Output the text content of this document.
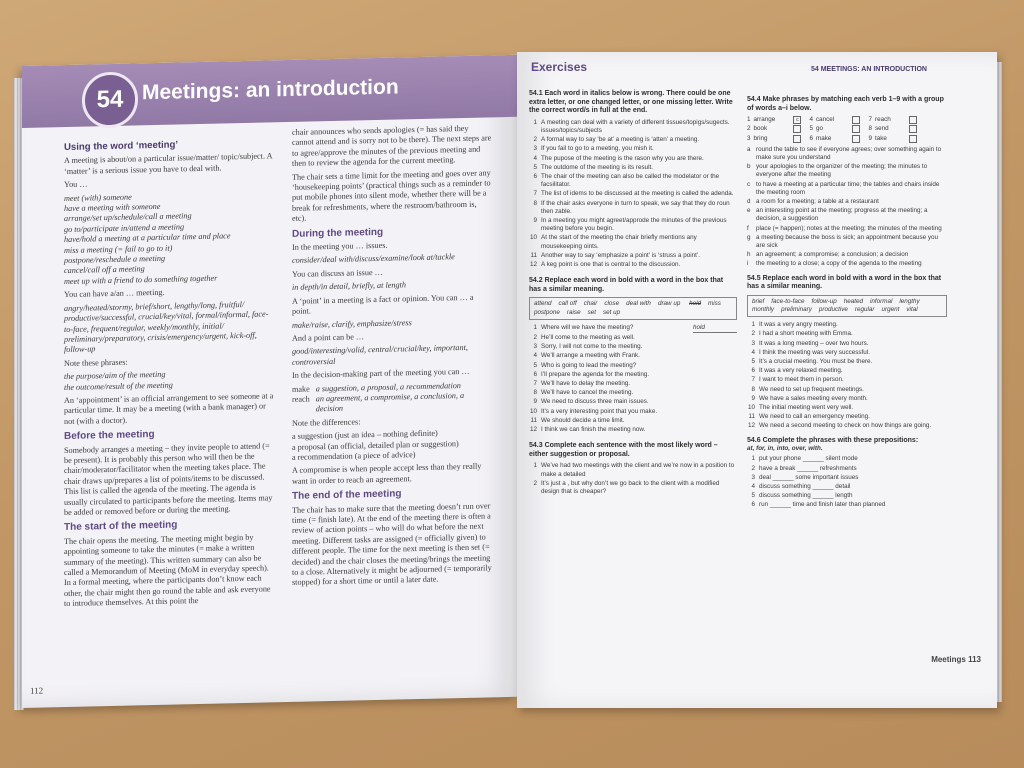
54 Meetings: an introduction
Using the word ‘meeting’

A meeting is about/on a particular issue/matter/ topic/subject. A ‘matter’ is a serious issue you have to deal with.

You …

meet (with) someone
have a meeting with someone
arrange/set up/schedule/call a meeting
go to/participate in/attend a meeting
have/hold a meeting at a particular time and place
miss a meeting (= fail to go to it)
postpone/reschedule a meeting
cancel/call off a meeting
meet up with a friend to do something together

You can have a/an … meeting.

angry/heated/stormy, brief/short, lengthy/long, fruitful/ productive/successful, crucial/key/vital, formal/informal, face-to-face, frequent/regular, weekly/monthly, initial/ preliminary/preparatory, crisis/emergency/urgent, kick-off, follow-up

Note these phrases:

the purpose/aim of the meeting
the outcome/result of the meeting

An ‘appointment’ is an official arrangement to see someone at a particular time. It may be a meeting (with a bank manager) or not (with a doctor).

Before the meeting

Somebody arranges a meeting – they invite people to attend (= be present). It is probably this person who will then be the chair/moderator/facilitator when the meeting takes place. The chair draws up/prepares a list of points/items to be discussed. This list is called the agenda of the meeting. The agenda is usually circulated to participants before the meeting. Items may be added or removed before or during the meeting.

The start of the meeting

The chair opens the meeting. The meeting might begin by appointing someone to take the minutes (= make a written summary of the meeting). This written summary can also be called a Memorandum of Meeting (MoM in everyday speech). In a formal meeting, where the participants don’t know each other, the chair might then go round the table and ask everyone to introduce themselves. At this point the

chair announces who sends apologies (= has said they cannot attend and is sorry not to be there). The next steps are to agree/approve the minutes of the previous meeting and then to review the agenda for the current meeting.

The chair sets a time limit for the meeting and goes over any ‘housekeeping points’ (practical things such as a reminder to put mobile phones into silent mode, whether there will be a break for refreshments, where the restroom/bathroom is, etc).

During the meeting

In the meeting you … issues.

consider/deal with/discuss/examine/look at/tackle

You can discuss an issue …

in depth/in detail, briefly, at length

A ‘point’ in a meeting is a fact or opinion. You can … a point.

make/raise, clarify, emphasize/stress

And a point can be …

good/interesting/valid, central/crucial/key, important, controversial

In the decision-making part of the meeting you can …

make a suggestion, a proposal, a recommendation
reach an agreement, a compromise, a conclusion, a decision

Note the differences:

a suggestion (just an idea – nothing definite)
a proposal (an official, detailed plan or suggestion)
a recommendation (a piece of advice)

A compromise is when people accept less than they really want in order to reach an agreement.

The end of the meeting

The chair has to make sure that the meeting doesn’t run over time (= finish late). At the end of the meeting there is often a review of action points – who will do what before the next meeting. Different tasks are assigned (= officially given) to different people. The time for the next meeting is then set (= decided) and the chair closes the meeting/brings the meeting to a close. Alternatively it might be adjourned (= temporarily stopped) for a short time or until a later date.

112
Exercises	54 MEETINGS: AN INTRODUCTION
54.1 Each word in italics below is wrong. There could be one extra letter, or one changed letter, or one missing letter. Write the correct word/s in full at the end.
1 A meeting can deal with a variety of different tissues/topigs/sugects. issues/topics/subjects
2 A formal way to say ‘be at’ a meeting is ‘atten’ a meeting.
3 If you fail to go to a meeting, you mish it.
4 The pupose of the meeting is the rason why you are there.
5 The outdome of the meeting is its result.
6 The chair of the meeting can also be called the modelator or the facsilitator.
7 The list of idems to be discussed at the meeting is called the adenda.
8 If the chair asks everyone in turn to speak, we say that they do roun then zable.
9 In a meeting you might agreet/approde the minutes of the previous meeting before you begin.
10 At the start of the meeting the chair briefly mentions any mousekeeping oints.
11 Another way to say ‘emphasize a point’ is ‘struss a point’.
12 A keg point is one that is central to the discussion.
54.2 Replace each word in bold with a word in the box that has a similar meaning.
attend call off chair close deal with draw up hold misspostpone raise set set up
1 Where will we have the meeting?	hold
2 He’ll come to the meeting as well.
3 Sorry, I will not come to the meeting.
4 We’ll arrange a meeting with Frank.
5 Who is going to lead the meeting?
6 I’ll prepare the agenda for the meeting.
7 We’ll have to delay the meeting.
8 We’ll have to cancel the meeting.
9 We need to discuss three main issues.
10 It’s a very interesting point that you make.
11 We should decide a time limit.
12 I think we can finish the meeting now.
54.3 Complete each sentence with the most likely word – either suggestion or proposal.
1 We’ve had two meetings with the client and we’re now in a position to make a detailed
2 It’s just a , but why don’t we go back to the client with a modified design that is cheaper?
54.4 Make phrases by matching each verb 1–9 with a group of words a–i below.
1 arrange	c	4 cancel	7 reach
2 book	5 go	8 send
3 bring	6 make	9 take
a round the table to see if everyone agrees; over something again to make sure you understand
b your apologies to the organizer of the meeting; the minutes to everyone after the meeting
c to have a meeting at a particular time; the tables and chairs inside the meeting room
d a room for a meeting; a table at a restaurant
e an interesting point at the meeting; progress at the meeting; a decision, a suggestion
f	place (= happen); notes at the meeting; the minutes of the meeting
g a meeting because the boss is sick; an appointment because you are sick
h an agreement; a compromise; a conclusion; a decision
i	the meeting to a close; a copy of the agenda to the meeting
54.5 Replace each word in bold with a word in the box that has a similar meaning.
brief face-to-face follow-up heated informal lengthy monthly preliminary productive regular urgent vital
1 It was a very angry meeting.
2 I had a short meeting with Emma.
3 It was a long meeting – over two hours.
4 I think the meeting was very successful.
5 It’s a crucial meeting. You must be there.
6 It was a very relaxed meeting.
7 I want to meet them in person.
8 We need to set up frequent meetings.
9 We have a sales meeting every month.
10 The initial meeting went very well.
11 We need to call an emergency meeting.
12 We need a second meeting to check on how things are going.
54.6 Complete the phrases with these prepositions:
at, for, in, into, over, with.
1 put your phone ______ silent mode
2 have a break ______ refreshments
3 deal ______ some important issues
4 discuss something ______ detail
5 discuss something ______ length
6 run ______ time and finish later than planned
Meetings 113
